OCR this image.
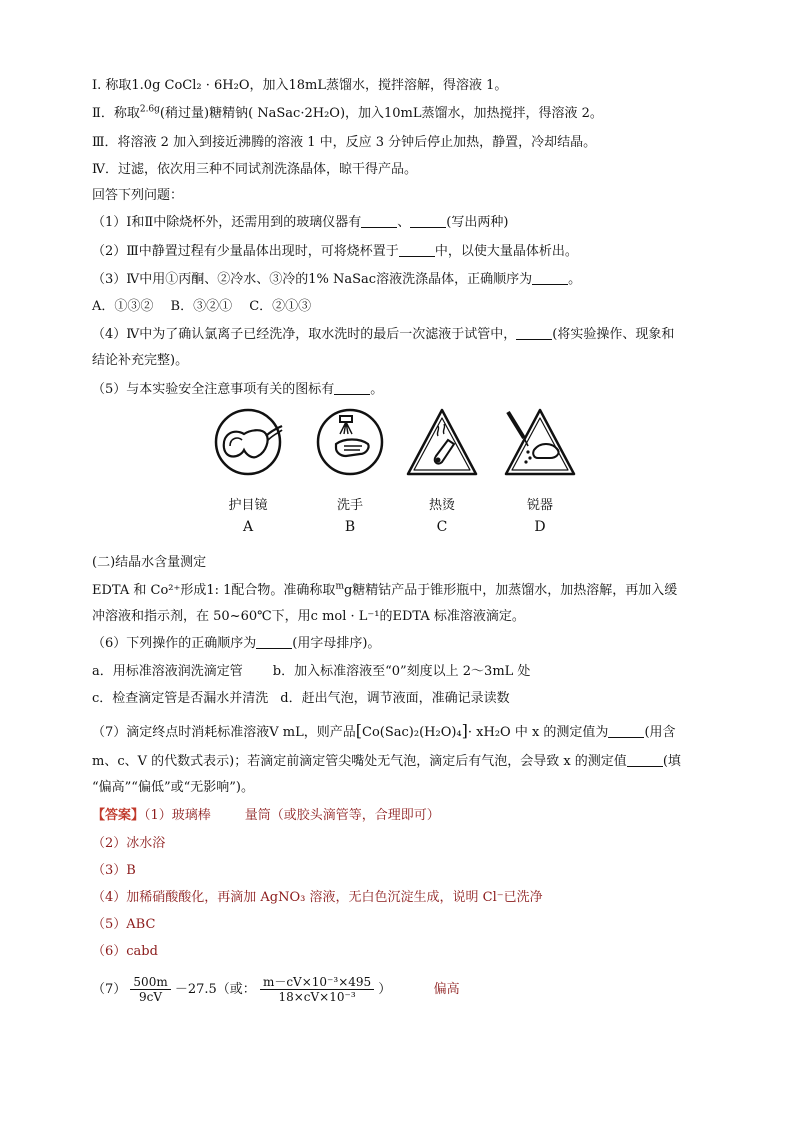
Ⅰ. 称取1.0g CoCl₂ · 6H₂O，加入18mL蒸馏水，搅拌溶解，得溶液 1。
Ⅱ．称取$^{2.6g}$(稍过量)糖精钠( NaSac·2H₂O)，加入10mL蒸馏水，加热搅拌，得溶液 2。
Ⅲ．将溶液 2 加入到接近沸腾的溶液 1 中，反应 3 分钟后停止加热，静置，冷却结晶。
Ⅳ．过滤，依次用三种不同试剂洗涤晶体，晾干得产品。
回答下列问题：
（1）Ⅰ和Ⅱ中除烧杯外，还需用到的玻璃仪器有	、	(写出两种)
（2）Ⅲ中静置过程有少量晶体出现时，可将烧杯置于	中，以使大量晶体析出。
（3）Ⅳ中用①丙酮、②冷水、③冷的1% NaSac溶液洗涤晶体，正确顺序为	。
A．①③②　 B．③②①　 C．②①③
（4）Ⅳ中为了确认氯离子已经洗净，取水洗时的最后一次滤液于试管中，	(将实验操作、现象和
结论补充完整)。
（5）与本实验安全注意事项有关的图标有	。
护目镜	洗手	热烫	锐器
A	B	C	D
(二)结晶水含量测定
EDTA 和 Co²⁺形成1: 1配合物。准确称取$^m$g糖精钴产品于锥形瓶中，加蒸馏水，加热溶解，再加入缓
冲溶液和指示剂，在 50~60℃下，用c mol · L⁻¹的EDTA 标准溶液滴定。
（6）下列操作的正确顺序为	(用字母排序)。
a．用标准溶液润洗滴定管 b．加入标准溶液至“0”刻度以上 2～3mL 处
c．检查滴定管是否漏水并清洗 d．赶出气泡，调节液面，准确记录读数
（7）滴定终点时消耗标准溶液V mL，则产品[Co(Sac)₂(H₂O)₄]· xH₂O 中 x 的测定值为	(用含
m、c、V 的代数式表示)；若滴定前滴定管尖嘴处无气泡，滴定后有气泡，会导致 x 的测定值	(填
“偏高”“偏低”或“无影响”)。
【答案】（1）玻璃棒	量筒（或胶头滴管等，合理即可）
（2）冰水浴
（3）B
（4）加稀硝酸酸化，再滴加 AgNO₃ 溶液，无白色沉淀生成，说明 Cl⁻已洗净
（5）ABC
（6）cabd
$(7) \frac{500m}{9cV} -27.5$（或： $\frac{\text{m－cV×10⁻³×495}}{\text{18×cV×10⁻³}}$ ）	偏高
